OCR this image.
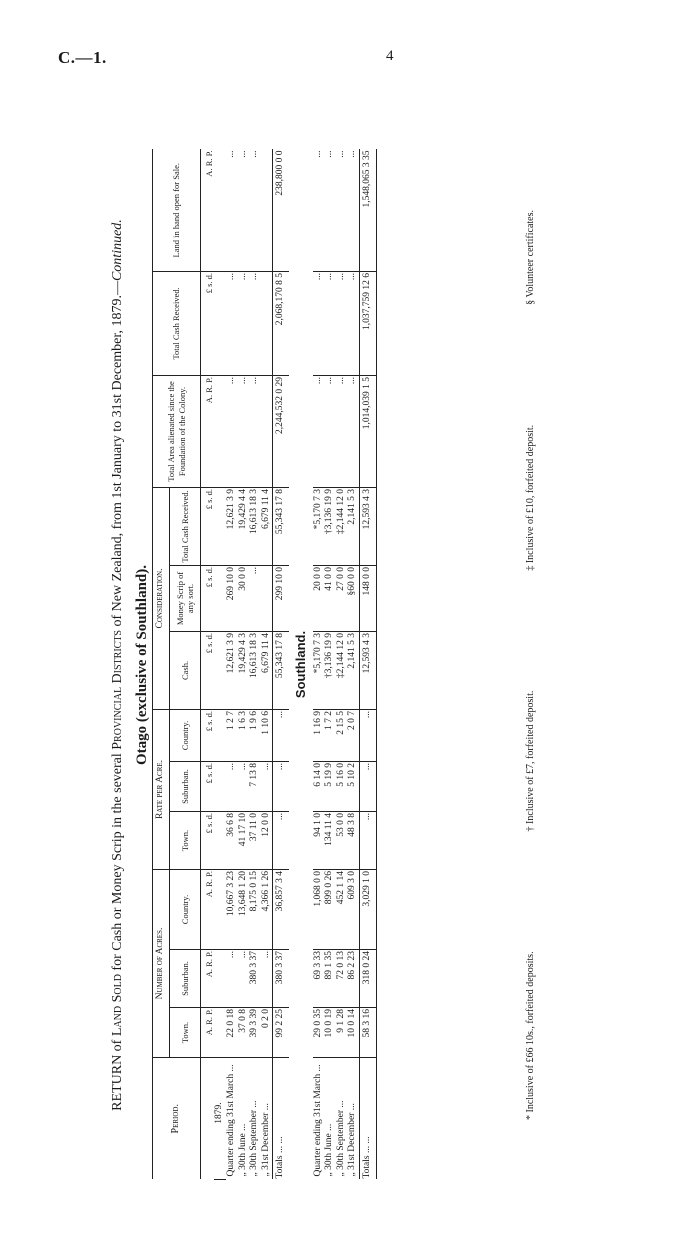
C.—1.	4
RETURN of Land Sold for Cash or Money Scrip in the several Provincial Districts of New Zealand, from 1st January to 31st December, 1879.—Continued.
Otago (exclusive of Southland).
Period.	Number of Acres.			Rate per Acre.			Consideration.			Total Area alienated since the Foundation of the Colony.	Total Cash Received.	Land in hand open for Sale.
	Town.	Suburban.	Country.	Town.	Suburban.	Country.	Cash.	Money Scrip of any sort.	Total Cash Received.			
	A. R. P.	A. R. P.	A. R. P.	£ s. d.	£ s. d.	£ s. d.	£ s. d.	£ s. d.	£ s. d.	A. R. P.	£ s. d.	A. R. P.
1879.												
Quarter ending 31st March ...	22 0 18	...	10,667 3 23	36 6 8	...	1 2 7	12,621 3 9	269 10 0	12,621 3 9	...	...	...
„ 30th June ...	37 0 8	...	13,648 1 20	41 17 10	...	1 6 3	19,429 4 3	30 0 0	19,429 4 4	...	...	...
„ 30th September ...	39 3 39	380 3 37	8,175 0 15	37 11 0	7 13 8	1 9 6	16,613 18 3	...	16,613 18 3	...	...	...
„ 31st December ...	0 2 0	...	4,366 1 26	12 0 0	...	1 10 6	6,679 11 4		6,679 11 4			
Totals ... ...	99 2 25	380 3 37	36,857 3 4	...	...	...	55,343 17 8	299 10 0	55,343 17 8	2,244,532 0 29	2,068,170 8 5	238,800 0 0
Southland.												
Quarter ending 31st March ...	29 0 35	69 3 33	1,068 0 0	94 1 0	6 14 0	1 16 9	*5,170 7 3	20 0 0	*5,170 7 3	...	...	...
„ 30th June ...	10 0 19	89 1 35	899 0 26	134 11 4	5 19 9	1 7 2	†3,136 19 9	41 0 0	†3,136 19 9	...	...	...
„ 30th September ...	9 1 28	72 0 13	452 1 14	53 0 0	5 16 0	2 15 5	‡2,144 12 0	27 0 0	‡2,144 12 0	...	...	...
„ 31st December ...	10 0 14	86 2 23	609 3 0	48 3 8	5 10 2	2 0 7	2,141 5 3	§60 0 0	2,141 5 3	...	...	...
Totals ... ...	58 3 16	318 0 24	3,029 1 0	...	...	...	12,593 4 3	148 0 0	12,593 4 3	1,014,039 1 5	1,037,759 12 6	1,548,065 3 35
* Inclusive of £66 10s., forfeited deposits.
† Inclusive of £7, forfeited deposit.
‡ Inclusive of £10, forfeited deposit.
§ Volunteer certificates.
